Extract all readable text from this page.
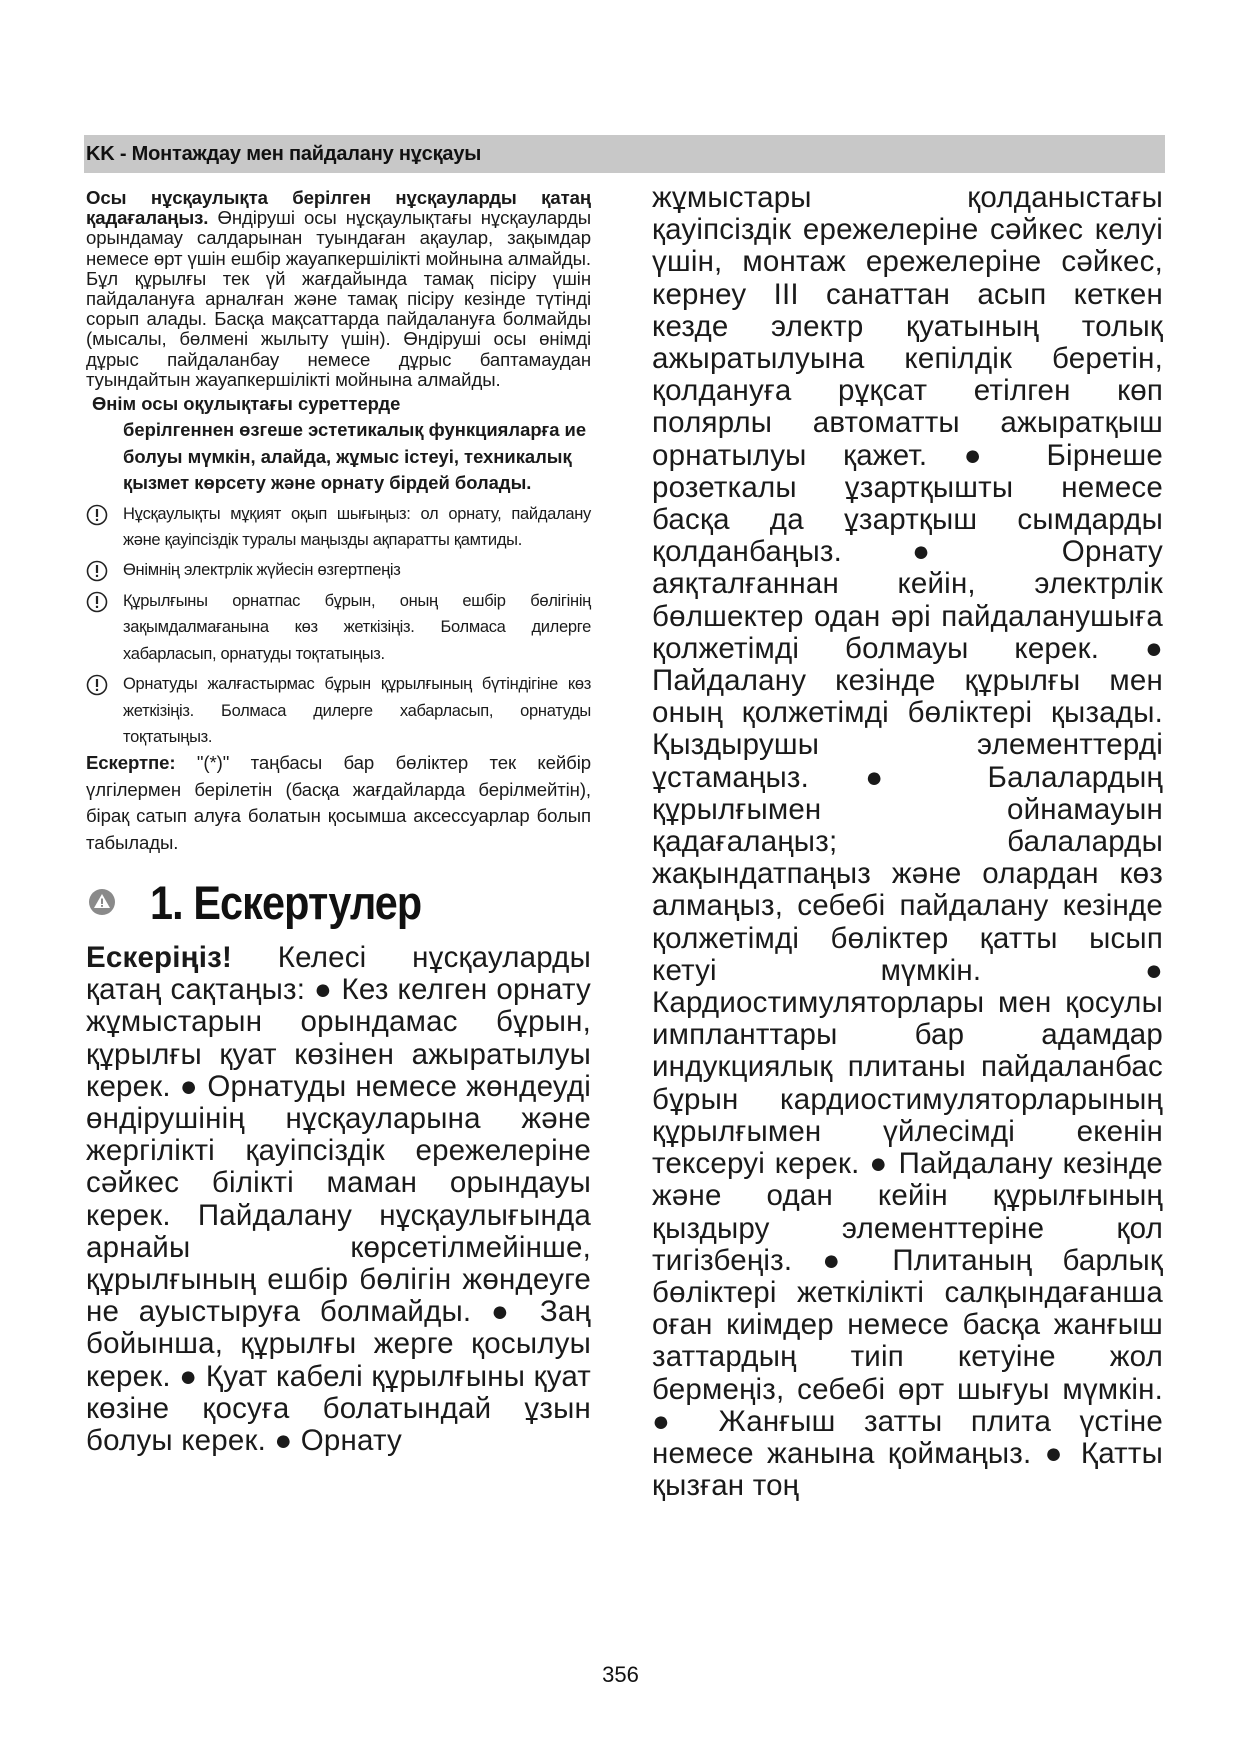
KK - Монтаждау мен пайдалану нұсқауы

Осы нұсқаулықта берілген нұсқауларды қатаң қадағалаңыз. Өндіруші осы нұсқаулықтағы нұсқауларды орындамау салдарынан туындаған ақаулар, зақымдар немесе өрт үшін ешбір жауапкершілікті мойнына алмайды. Бұл құрылғы тек үй жағдайында тамақ пісіру үшін пайдалануға арналған және тамақ пісіру кезінде түтінді сорып алады. Басқа мақсаттарда пайдалануға болмайды (мысалы, бөлмені жылыту үшін). Өндіруші осы өнімді дұрыс пайдаланбау немесе дұрыс баптамаудан туындайтын жауапкершілікті мойнына алмайды.

Өнім осы оқулықтағы суреттерде
берілгеннен өзгеше эстетикалық функцияларға ие болуы мүмкін, алайда, жұмыс істеуі, техникалық қызмет көрсету және орнату бірдей болады.
Нұсқаулықты мұқият оқып шығыңыз: ол орнату, пайдалану және қауіпсіздік туралы маңызды ақпаратты қамтиды.
Өнімнің электрлік жүйесін өзгертпеңіз
Құрылғыны орнатпас бұрын, оның ешбір бөлігінің зақымдалмағанына көз жеткізіңіз. Болмаса дилерге хабарласып, орнатуды тоқтатыңыз.
Орнатуды жалғастырмас бұрын құрылғының бүтіндігіне көз жеткізіңіз. Болмаса дилерге хабарласып, орнатуды тоқтатыңыз.

Ескертпе: "(*)" таңбасы бар бөліктер тек кейбір үлгілермен берілетін (басқа жағдайларда берілмейтін), бірақ сатып алуға болатын қосымша аксессуарлар болып табылады.

1. Ескертулер

Ескеріңіз! Келесі нұсқауларды қатаң сақтаңыз: ● Кез келген орнату жұмыстарын орындамас бұрын, құрылғы қуат көзінен ажыратылуы керек. ● Орнатуды немесе жөндеуді өндірушінің нұсқауларына және жергілікті қауіпсіздік ережелеріне сәйкес білікті маман орындауы керек. Пайдалану нұсқаулығында арнайы көрсетілмейінше, құрылғының ешбір бөлігін жөндеуге не ауыстыруға болмайды. ● Заң бойынша, құрылғы жерге қосылуы керек. ● Қуат кабелі құрылғыны қуат көзіне қосуға болатындай ұзын болуы керек. ● Орнату

жұмыстары қолданыстағы қауіпсіздік ережелеріне сәйкес келуі үшін, монтаж ережелеріне сәйкес, кернеу III санаттан асып кеткен кезде электр қуатының толық ажыратылуына кепілдік беретін, қолдануға рұқсат етілген көп полярлы автоматты ажыратқыш орнатылуы қажет. ● Бірнеше розеткалы ұзартқышты немесе басқа да ұзартқыш сымдарды қолданбаңыз. ● Орнату аяқталғаннан кейін, электрлік бөлшектер одан әрі пайдаланушыға қолжетімді болмауы керек. ● Пайдалану кезінде құрылғы мен оның қолжетімді бөліктері қызады. Қыздырушы элементтерді ұстамаңыз. ● Балалардың құрылғымен ойнамауын қадағалаңыз; балаларды жақындатпаңыз және олардан көз алмаңыз, себебі пайдалану кезінде қолжетімді бөліктер қатты ысып кетуі мүмкін. ● Кардиостимуляторлары мен қосулы импланттары бар адамдар индукциялық плитаны пайдаланбас бұрын кардиостимуляторларының құрылғымен үйлесімді екенін тексеруі керек. ● Пайдалану кезінде және одан кейін құрылғының қыздыру элементтеріне қол тигізбеңіз. ● Плитаның барлық бөліктері жеткілікті салқындағанша оған киімдер немесе басқа жанғыш заттардың тиіп кетуіне жол бермеңіз, себебі өрт шығуы мүмкін. ● Жанғыш затты плита үстіне немесе жанына қоймаңыз. ● Қатты қызған тоң

356
